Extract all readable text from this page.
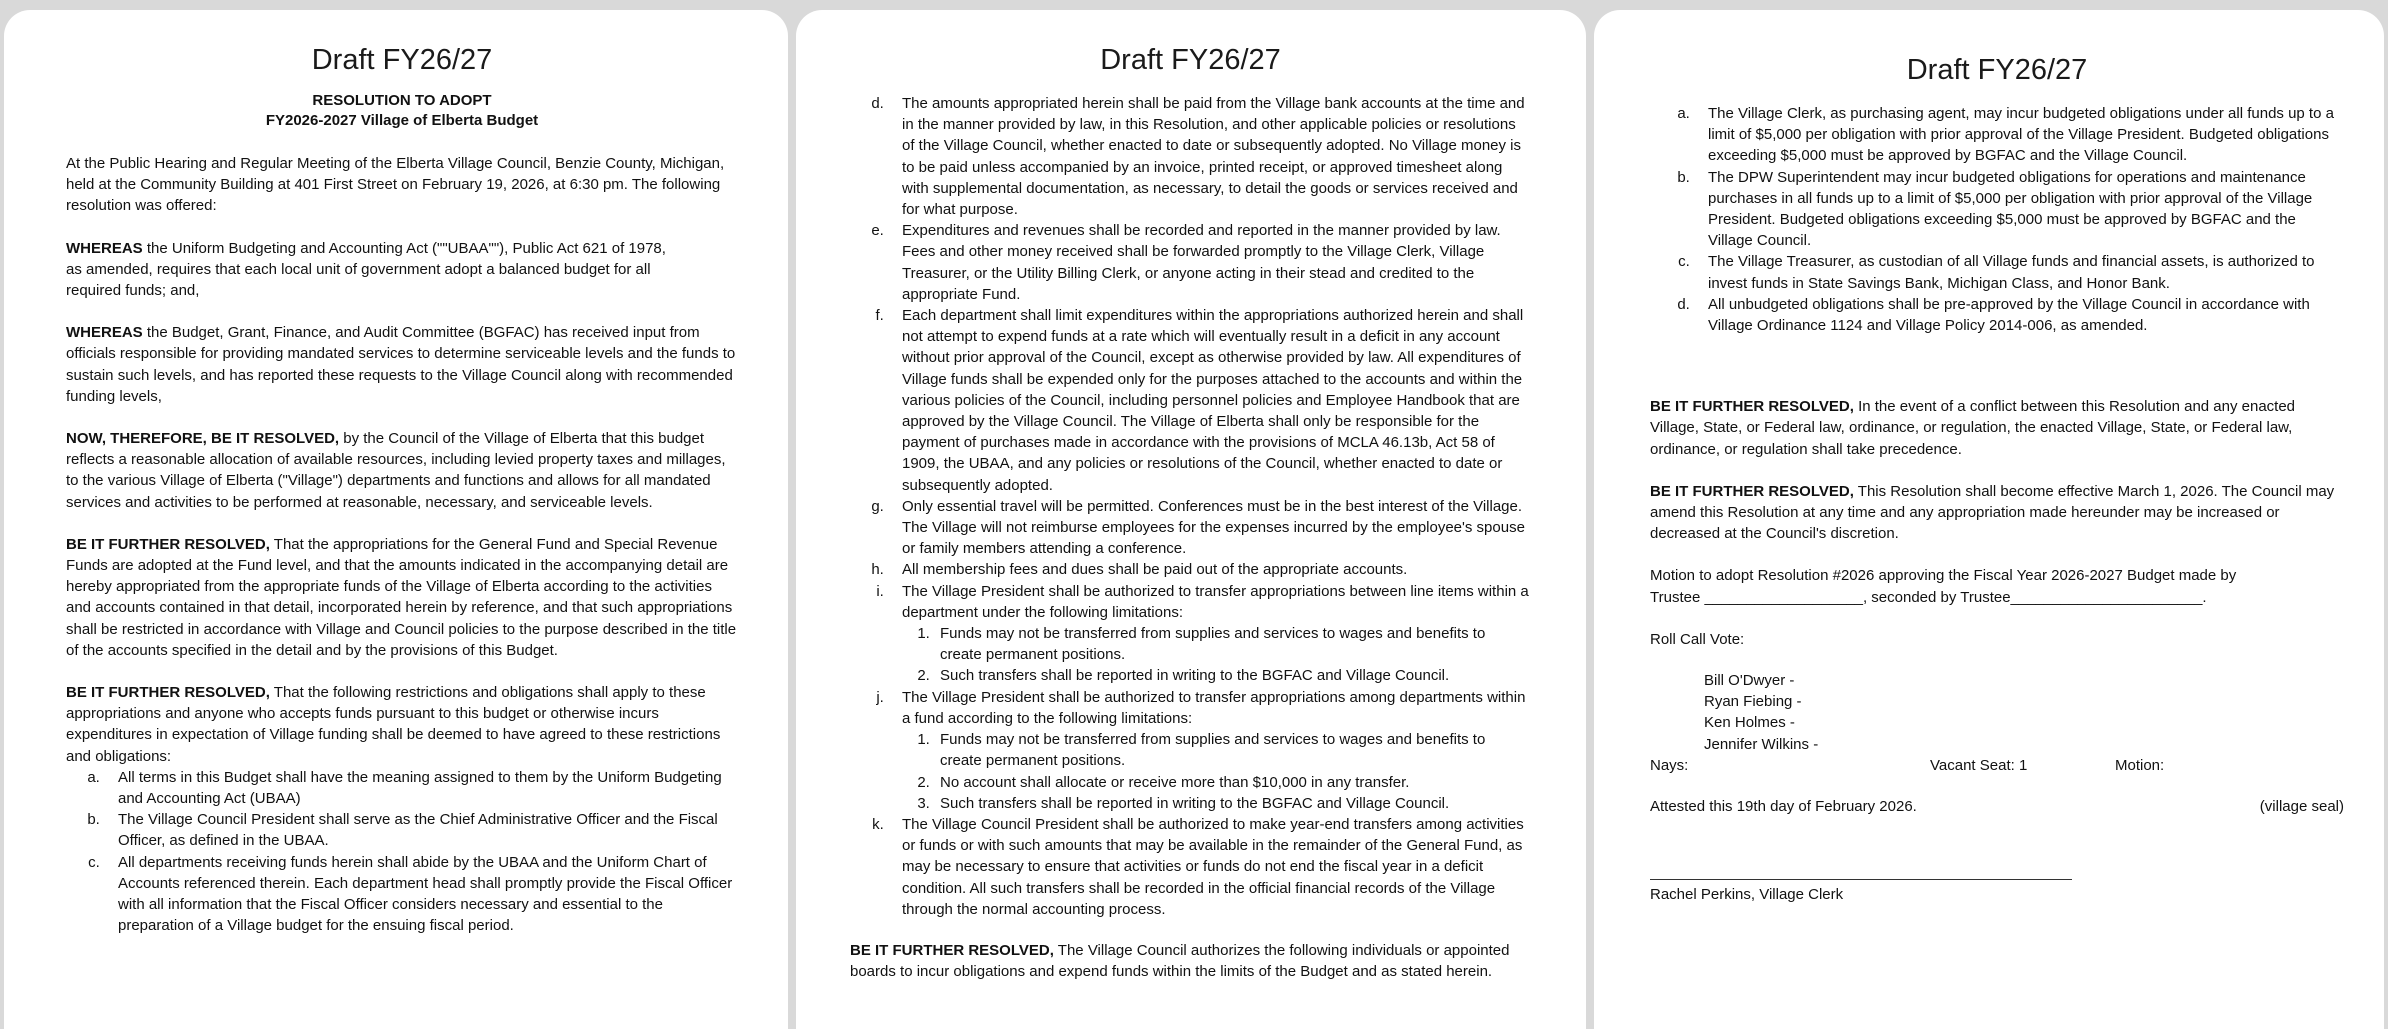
Draft FY26/27
RESOLUTION TO ADOPT
FY2026-2027 Village of Elberta Budget

At the Public Hearing and Regular Meeting of the Elberta Village Council, Benzie County, Michigan, held at the Community Building at 401 First Street on February 19, 2026, at 6:30 pm. The following resolution was offered:

WHEREAS the Uniform Budgeting and Accounting Act (""UBAA""), Public Act 621 of 1978, as amended, requires that each local unit of government adopt a balanced budget for all required funds; and,

WHEREAS the Budget, Grant, Finance, and Audit Committee (BGFAC) has received input from officials responsible for providing mandated services to determine serviceable levels and the funds to sustain such levels, and has reported these requests to the Village Council along with recommended funding levels,

NOW, THEREFORE, BE IT RESOLVED, by the Council of the Village of Elberta that this budget reflects a reasonable allocation of available resources, including levied property taxes and millages, to the various Village of Elberta ("Village") departments and functions and allows for all mandated services and activities to be performed at reasonable, necessary, and serviceable levels.

BE IT FURTHER RESOLVED, That the appropriations for the General Fund and Special Revenue Funds are adopted at the Fund level, and that the amounts indicated in the accompanying detail are hereby appropriated from the appropriate funds of the Village of Elberta according to the activities and accounts contained in that detail, incorporated herein by reference, and that such appropriations shall be restricted in accordance with Village and Council policies to the purpose described in the title of the accounts specified in the detail and by the provisions of this Budget.

BE IT FURTHER RESOLVED, That the following restrictions and obligations shall apply to these appropriations and anyone who accepts funds pursuant to this budget or otherwise incurs expenditures in expectation of Village funding shall be deemed to have agreed to these restrictions and obligations:

a. All terms in this Budget shall have the meaning assigned to them by the Uniform Budgeting and Accounting Act (UBAA)
b. The Village Council President shall serve as the Chief Administrative Officer and the Fiscal Officer, as defined in the UBAA.
c. All departments receiving funds herein shall abide by the UBAA and the Uniform Chart of Accounts referenced therein. Each department head shall promptly provide the Fiscal Officer with all information that the Fiscal Officer considers necessary and essential to the preparation of a Village budget for the ensuing fiscal period.
Draft FY26/27
d. The amounts appropriated herein shall be paid from the Village bank accounts at the time and in the manner provided by law, in this Resolution, and other applicable policies or resolutions of the Village Council, whether enacted to date or subsequently adopted. No Village money is to be paid unless accompanied by an invoice, printed receipt, or approved timesheet along with supplemental documentation, as necessary, to detail the goods or services received and for what purpose.
e. Expenditures and revenues shall be recorded and reported in the manner provided by law. Fees and other money received shall be forwarded promptly to the Village Clerk, Village Treasurer, or the Utility Billing Clerk, or anyone acting in their stead and credited to the appropriate Fund.
f. Each department shall limit expenditures within the appropriations authorized herein and shall not attempt to expend funds at a rate which will eventually result in a deficit in any account without prior approval of the Council, except as otherwise provided by law. All expenditures of Village funds shall be expended only for the purposes attached to the accounts and within the various policies of the Council, including personnel policies and Employee Handbook that are approved by the Village Council. The Village of Elberta shall only be responsible for the payment of purchases made in accordance with the provisions of MCLA 46.13b, Act 58 of 1909, the UBAA, and any policies or resolutions of the Council, whether enacted to date or subsequently adopted.
g. Only essential travel will be permitted. Conferences must be in the best interest of the Village. The Village will not reimburse employees for the expenses incurred by the employee's spouse or family members attending a conference.
h. All membership fees and dues shall be paid out of the appropriate accounts.
i. The Village President shall be authorized to transfer appropriations between line items within a department under the following limitations:
1. Funds may not be transferred from supplies and services to wages and benefits to create permanent positions.
2. Such transfers shall be reported in writing to the BGFAC and Village Council.
j. The Village President shall be authorized to transfer appropriations among departments within a fund according to the following limitations:
1. Funds may not be transferred from supplies and services to wages and benefits to create permanent positions.
2. No account shall allocate or receive more than $10,000 in any transfer.
3. Such transfers shall be reported in writing to the BGFAC and Village Council.
k. The Village Council President shall be authorized to make year-end transfers among activities or funds or with such amounts that may be available in the remainder of the General Fund, as may be necessary to ensure that activities or funds do not end the fiscal year in a deficit condition. All such transfers shall be recorded in the official financial records of the Village through the normal accounting process.

BE IT FURTHER RESOLVED, The Village Council authorizes the following individuals or appointed boards to incur obligations and expend funds within the limits of the Budget and as stated herein.

Draft FY26/27
a. The Village Clerk, as purchasing agent, may incur budgeted obligations under all funds up to a limit of $5,000 per obligation with prior approval of the Village President. Budgeted obligations exceeding $5,000 must be approved by BGFAC and the Village Council.
b. The DPW Superintendent may incur budgeted obligations for operations and maintenance purchases in all funds up to a limit of $5,000 per obligation with prior approval of the Village President. Budgeted obligations exceeding $5,000 must be approved by BGFAC and the Village Council.
c. The Village Treasurer, as custodian of all Village funds and financial assets, is authorized to invest funds in State Savings Bank, Michigan Class, and Honor Bank.
d. All unbudgeted obligations shall be pre-approved by the Village Council in accordance with Village Ordinance 1124 and Village Policy 2014-006, as amended.

BE IT FURTHER RESOLVED, In the event of a conflict between this Resolution and any enacted Village, State, or Federal law, ordinance, or regulation, the enacted Village, State, or Federal law, ordinance, or regulation shall take precedence.

BE IT FURTHER RESOLVED, This Resolution shall become effective March 1, 2026. The Council may amend this Resolution at any time and any appropriation made hereunder may be increased or decreased at the Council's discretion.

Motion to adopt Resolution #2026 approving the Fiscal Year 2026-2027 Budget made by
Trustee ___________________, seconded by Trustee_______________________.

Roll Call Vote:
Bill O'Dwyer -
Ryan Fiebing -
Ken Holmes -
Jennifer Wilkins -
Nays:	Vacant Seat: 1	Motion:
Attested this 19th day of February 2026.	(village seal)
Rachel Perkins, Village Clerk
